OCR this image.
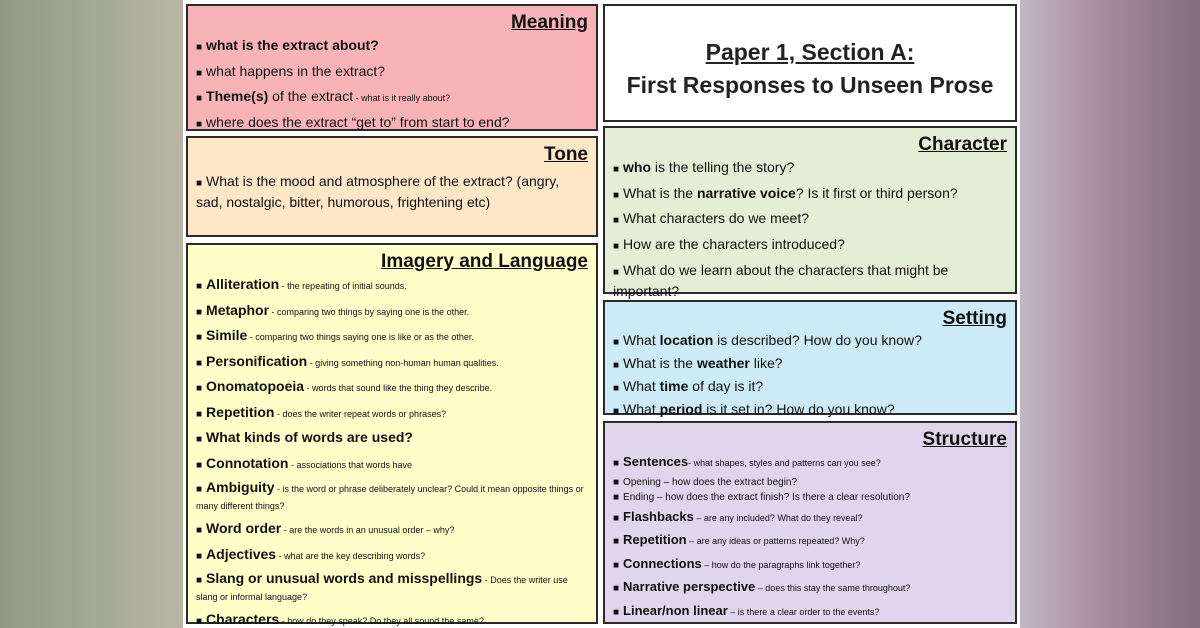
Meaning
■ what is the extract about?
■ what happens in the extract?
■ Theme(s) of the extract - what is it really about?
■ where does the extract “get to” from start to end?
Tone
■ What is the mood and atmosphere of the extract? (angry, sad, nostalgic, bitter, humorous, frightening etc)
Imagery and Language
■ Alliteration - the repeating of initial sounds.
■ Metaphor - comparing two things by saying one is the other.
■ Simile - comparing two things saying one is like or as the other.
■ Personification - giving something non-human human qualities.
■ Onomatopoeia - words that sound like the thing they describe.
■ Repetition - does the writer repeat words or phrases?
■ What kinds of words are used?
■ Connotation - associations that words have
■ Ambiguity - is the word or phrase deliberately unclear? Could it mean opposite things or many different things?
■ Word order - are the words in an unusual order – why?
■ Adjectives - what are the key describing words?
■ Slang or unusual words and misspellings - Does the writer use slang or informal language?
■ Characters - how do they speak? Do they all sound the same?
Paper 1, Section A:
First Responses to Unseen Prose
Character
■ who is the telling the story?
■ What is the narrative voice? Is it first or third person?
■ What characters do we meet?
■ How are the characters introduced?
■ What do we learn about the characters that might be important?
Setting
■ What location is described? How do you know?
■ What is the weather like?
■ What time of day is it?
■ What period is it set in? How do you know?
Structure
■ Sentences- what shapes, styles and patterns can you see?
■ Opening – how does the extract begin?
■ Ending – how does the extract finish? Is there a clear resolution?
■ Flashbacks – are any included? What do they reveal?
■ Repetition – are any ideas or patterns repeated? Why?
■ Connections – how do the paragraphs link together?
■ Narrative perspective – does this stay the same throughout?
■ Linear/non linear – is there a clear order to the events?
